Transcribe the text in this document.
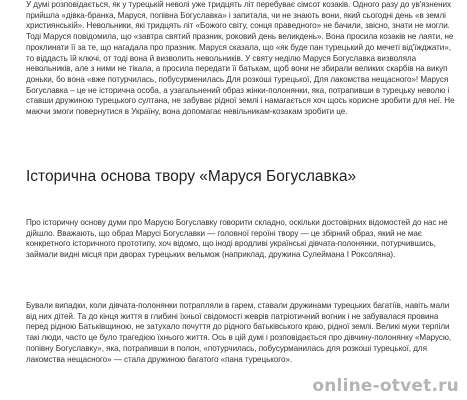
У думі розповідається, як у турецькій неволі уже тридцять літ перебуває сімсот козаків. Одного разу до ув'язнених прийшла «дівка-бранка, Маруся, попівна Богуславка» і запитала, чи не знають вони, який сьогодні день «в землі християнській». Невольники, які тридцять літ «Божого світу, сонця праведного» не бачили, звісно, знати не могли. Тоді Маруся повідомила, що «завтра святий празник, роковий день великдень». Вона просила козаків не лаяти, не проклинати її за те, що нагадала про празник. Маруся сказала, що «як буде пан турецький до мечеті від'їжджати», то віддасть їй ключі, от тоді вона й визволить невольників. У святу неділю Маруся Богуславка визволяла невольників, але з ними не тікала, а просила передати її батькам, щоб вони не збирали великих скарбів на викуп доньки, бо вона «вже потурчилась, побусурменилась Для розкоші турецької, Для лакомства нещасного»! Маруся Богуславка – це не історична особа, а узагальнений образ жінки-полонянки, яка, потрапивши в турецьку неволю і ставши дружиною турецького султана, не забуває рідної землі і намагається хоч щось корисне зробити для неї. Не маючи змоги повернутися в Україну, вона допомагає невільникам-козакам зробити це.

Історична основа твору «Маруся Богуславка»

Про історичну основу думи про Марусю Богуславку говорити складно, оскільки достовірних відомостей до нас не дійшло. Вважають, що образ Марусі Богуславки — головної героїні твору — це збірний образ, який не має конкретного історичного прототипу, хоч відомо, що іноді вродливі українські дівчата-полонянки, потурчившись, займали видні місця при дворах турецьких вельмож (наприклад, дружина Сулеймана І Роксоляна).

Бували випадки, коли дівчата-полонянки потрапляли в гарем, ставали дружинами турецьких багатіїв, навіть мали від них дітей. Та до кінця життя в глибині їхньої свідомості жеврів патріотичний вогник і не забувалася провина перед рідною Батьківщиною, не затухало почуття до рідного батьківського краю, рідної землі. Великі муки терпіли такі люди, часто це було трагедією їхнього життя. Ось в цій думі і розповідається про дівчину-полонянку «Марусю, попівну Богуславку», яка, потрапивши в полон, «потурчилась, побусурманилась для розкоші турецької, для лакомства нещасного» — стала дружиною багатого «пана турецького».

online-otvet.ru
